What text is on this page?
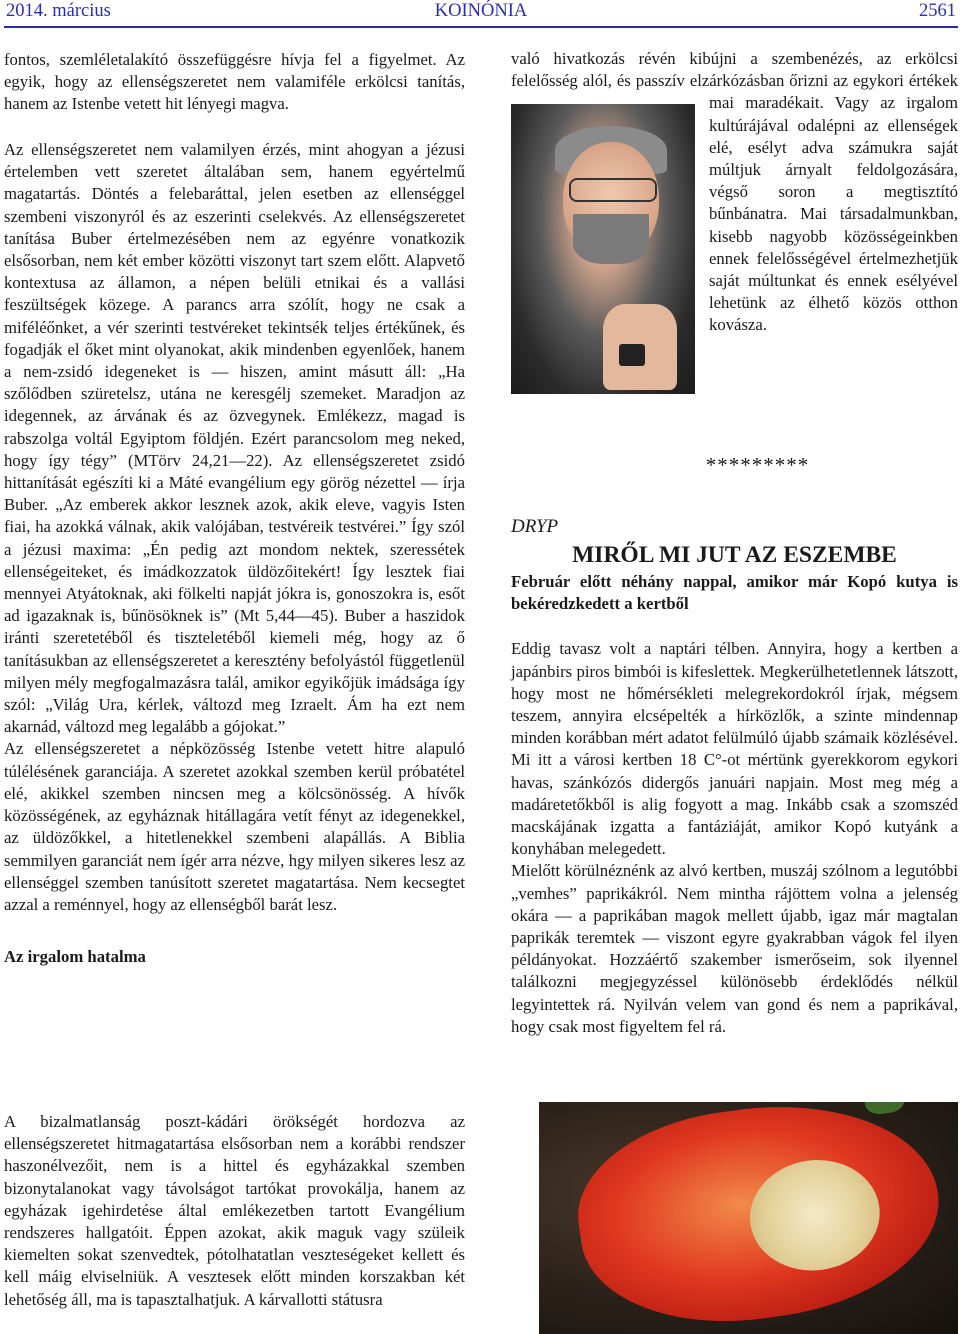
2014. március	KOINÓNIA	2561

fontos, szemléletalakító összefüggésre hívja fel a figyelmet. Az egyik, hogy az ellenségszeretet nem valamiféle erkölcsi tanítás, hanem az Istenbe vetett hit lényegi magva.

Az ellenségszeretet nem valamilyen érzés, mint ahogyan a jézusi értelemben vett szeretet általában sem, hanem egyértelmű magatartás. Döntés a felebaráttal, jelen esetben az ellenséggel szembeni viszonyról és az eszerinti cselekvés. Az ellenségszeretet tanítása Buber értelmezésében nem az egyénre vonatkozik elsősorban, nem két ember közötti viszonyt tart szem előtt. Alapvető kontextusa az államon, a népen belüli etnikai és a vallási feszültségek közege. A parancs arra szólít, hogy ne csak a miféléőnket, a vér szerinti testvéreket tekintsék teljes értékűnek, és fogadják el őket mint olyanokat, akik mindenben egyenlőek, hanem a nem-zsidó idegeneket is — hiszen, amint másutt áll: „Ha szőlődben szüretelsz, utána ne keresgélj szemeket. Maradjon az idegennek, az árvának és az özvegynek. Emlékezz, magad is rabszolga voltál Egyiptom földjén. Ezért parancsolom meg neked, hogy így tégy” (MTörv 24,21—22). Az ellenségszeretet zsidó hittanítását egészíti ki a Máté evangélium egy görög nézettel — írja Buber. „Az emberek akkor lesznek azok, akik eleve, vagyis Isten fiai, ha azokká válnak, akik valójában, testvéreik testvérei.” Így szól a jézusi maxima: „Én pedig azt mondom nektek, szeressétek ellenségeiteket, és imádkozzatok üldözőitekért! Így lesztek fiai mennyei Atyátoknak, aki fölkelti napját jókra is, gonoszokra is, esőt ad igazaknak is, bűnösöknek is” (Mt 5,44—45). Buber a haszidok iránti szeretetéből és tiszteletéből kiemeli még, hogy az ő tanításukban az ellenségszeretet a keresztény befolyástól függetlenül milyen mély megfogalmazásra talál, amikor egyikőjük imádsága így szól: „Világ Ura, kérlek, változd meg Izraelt. Ám ha ezt nem akarnád, változd meg legalább a gójokat.”

Az ellenségszeretet a népközösség Istenbe vetett hitre alapuló túlélésének garanciája. A szeretet azokkal szemben kerül próbatétel elé, akikkel szemben nincsen meg a kölcsönösség. A hívők közösségének, az egyháznak hitállagára vetít fényt az idegenekkel, az üldözőkkel, a hitetlenekkel szembeni alapállás. A Biblia semmilyen garanciát nem ígér arra nézve, hgy milyen sikeres lesz az ellenséggel szemben tanúsított szeretet magatartása. Nem kecsegtet azzal a reménnyel, hogy az ellenségből barát lesz.

Az irgalom hatalma

A bizalmatlanság poszt-kádári örökségét hordozva az ellenségszeretet hitmagatartása elsősorban nem a korábbi rendszer haszonélvezőit, nem is a hittel és egyházakkal szemben bizonytalanokat vagy távolságot tartókat provokálja, hanem az egyházak igehirdetése által emlékezetben tartott Evangélium rendszeres hallgatóit. Éppen azokat, akik maguk vagy szüleik kiemelten sokat szenvedtek, pótolhatatlan veszteségeket kellett és kell máig elviselniük. A vesztesek előtt minden korszakban két lehetőség áll, ma is tapasztalhatjuk. A kárvallotti státusra

való hivatkozás révén kibújni a szembenézés, az erkölcsi felelősség alól, és passzív elzárkózásban őrizni az egykori értékek mai maradékait. Vagy az irgalom kultúrájával odalépni az ellenségek elé, esélyt adva számukra saját múltjuk árnyalt feldolgozására, végső soron a megtisztító bűnbánatra. Mai társadalmunkban, kisebb nagyobb közösségeinkben ennek felelősségével értelmezhetjük saját múltunkat és ennek esélyével lehetünk az élhető közös otthon kovásza.

*********
DRYP
MIRŐL MI JUT AZ ESZEMBE

Február előtt néhány nappal, amikor már Kopó kutya is bekéredzkedett a kertből

Eddig tavasz volt a naptári télben. Annyira, hogy a kertben a japánbirs piros bimbói is kifeslettek. Megkerülhetetlennek látszott, hogy most ne hőmérsékleti melegrekordokról írjak, mégsem teszem, annyira elcsépelték a hírközlők, a szinte mindennap minden korábban mért adatot felülmúló újabb számaik közlésével. Mi itt a városi kertben 18 C°-ot mértünk gyerekkorom egykori havas, szánkózós didergős januári napjain. Most meg még a madáretetőkből is alig fogyott a mag. Inkább csak a szomszéd macskájának izgatta a fantáziáját, amikor Kopó kutyánk a konyhában melegedett.

Mielőtt körülnéznénk az alvó kertben, muszáj szólnom a legutóbbi „vemhes” paprikákról. Nem mintha rájöttem volna a jelenség okára — a paprikában magok mellett újabb, igaz már magtalan paprikák teremtek — viszont egyre gyakrabban vágok fel ilyen példányokat. Hozzáértő szakember ismerőseim, sok ilyennel találkozni megjegyzéssel különösebb érdeklődés nélkül legyintettek rá. Nyilván velem van gond és nem a paprikával, hogy csak most figyeltem fel rá.
